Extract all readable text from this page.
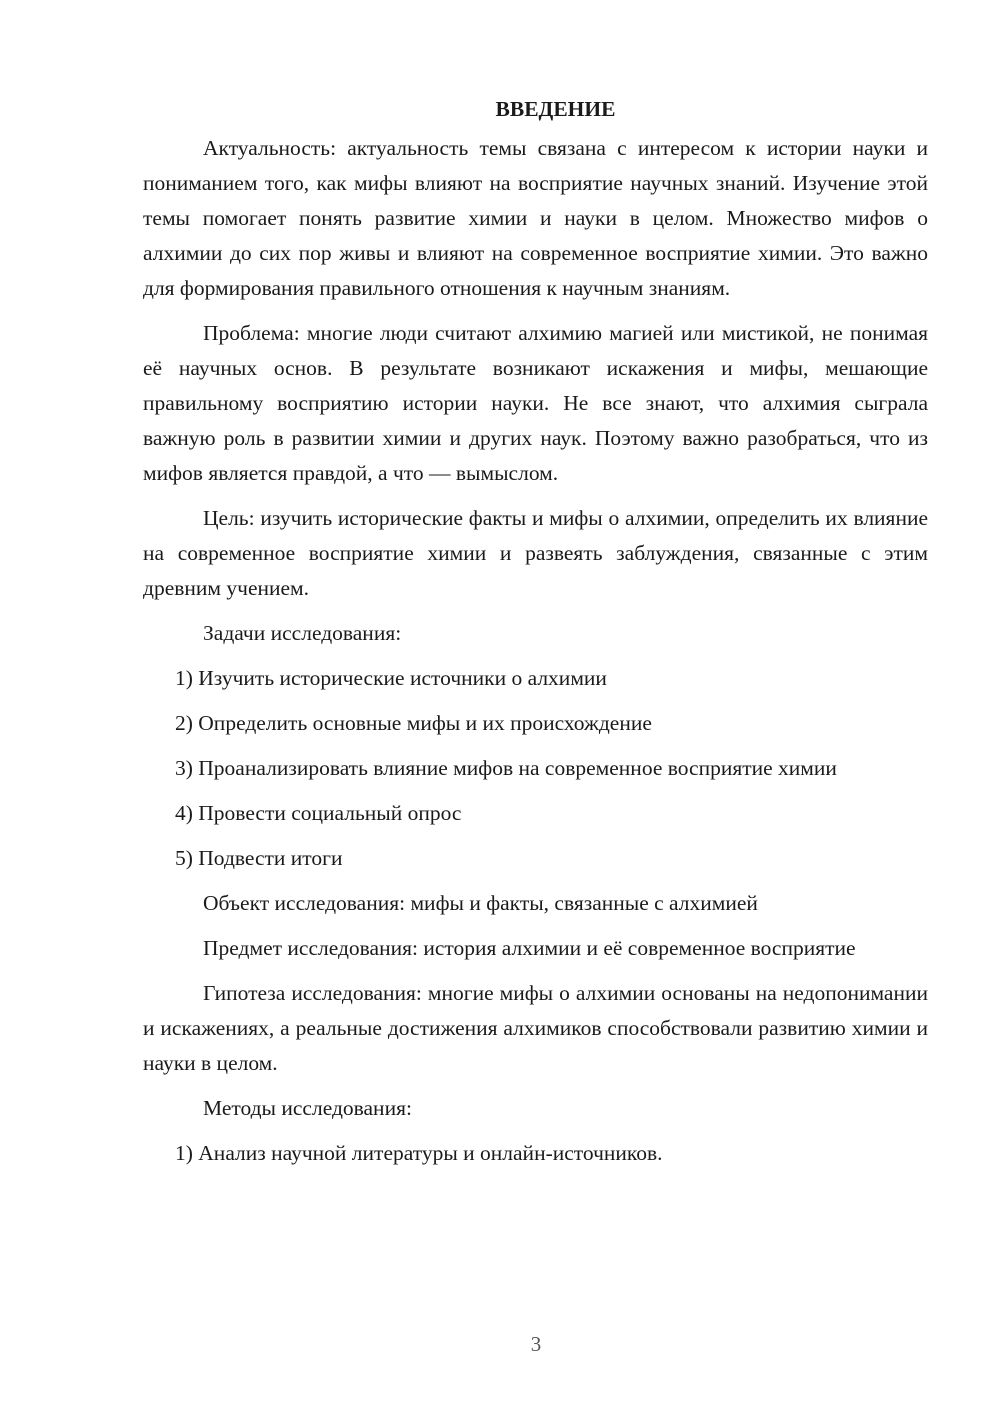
ВВЕДЕНИЕ

Актуальность: актуальность темы связана с интересом к истории науки и пониманием того, как мифы влияют на восприятие научных знаний. Изучение этой темы помогает понять развитие химии и науки в целом. Множество мифов о алхимии до сих пор живы и влияют на современное восприятие химии. Это важно для формирования правильного отношения к научным знаниям.

Проблема: многие люди считают алхимию магией или мистикой, не понимая её научных основ. В результате возникают искажения и мифы, мешающие правильному восприятию истории науки. Не все знают, что алхимия сыграла важную роль в развитии химии и других наук. Поэтому важно разобраться, что из мифов является правдой, а что — вымыслом.

Цель: изучить исторические факты и мифы о алхимии, определить их влияние на современное восприятие химии и развеять заблуждения, связанные с этим древним учением.

Задачи исследования:

1) Изучить исторические источники о алхимии

2) Определить основные мифы и их происхождение

3) Проанализировать влияние мифов на современное восприятие химии

4) Провести социальный опрос

5) Подвести итоги

Объект исследования: мифы и факты, связанные с алхимией

Предмет исследования: история алхимии и её современное восприятие

Гипотеза исследования: многие мифы о алхимии основаны на недопонимании и искажениях, а реальные достижения алхимиков способствовали развитию химии и науки в целом.

Методы исследования:

1) Анализ научной литературы и онлайн-источников.

3
